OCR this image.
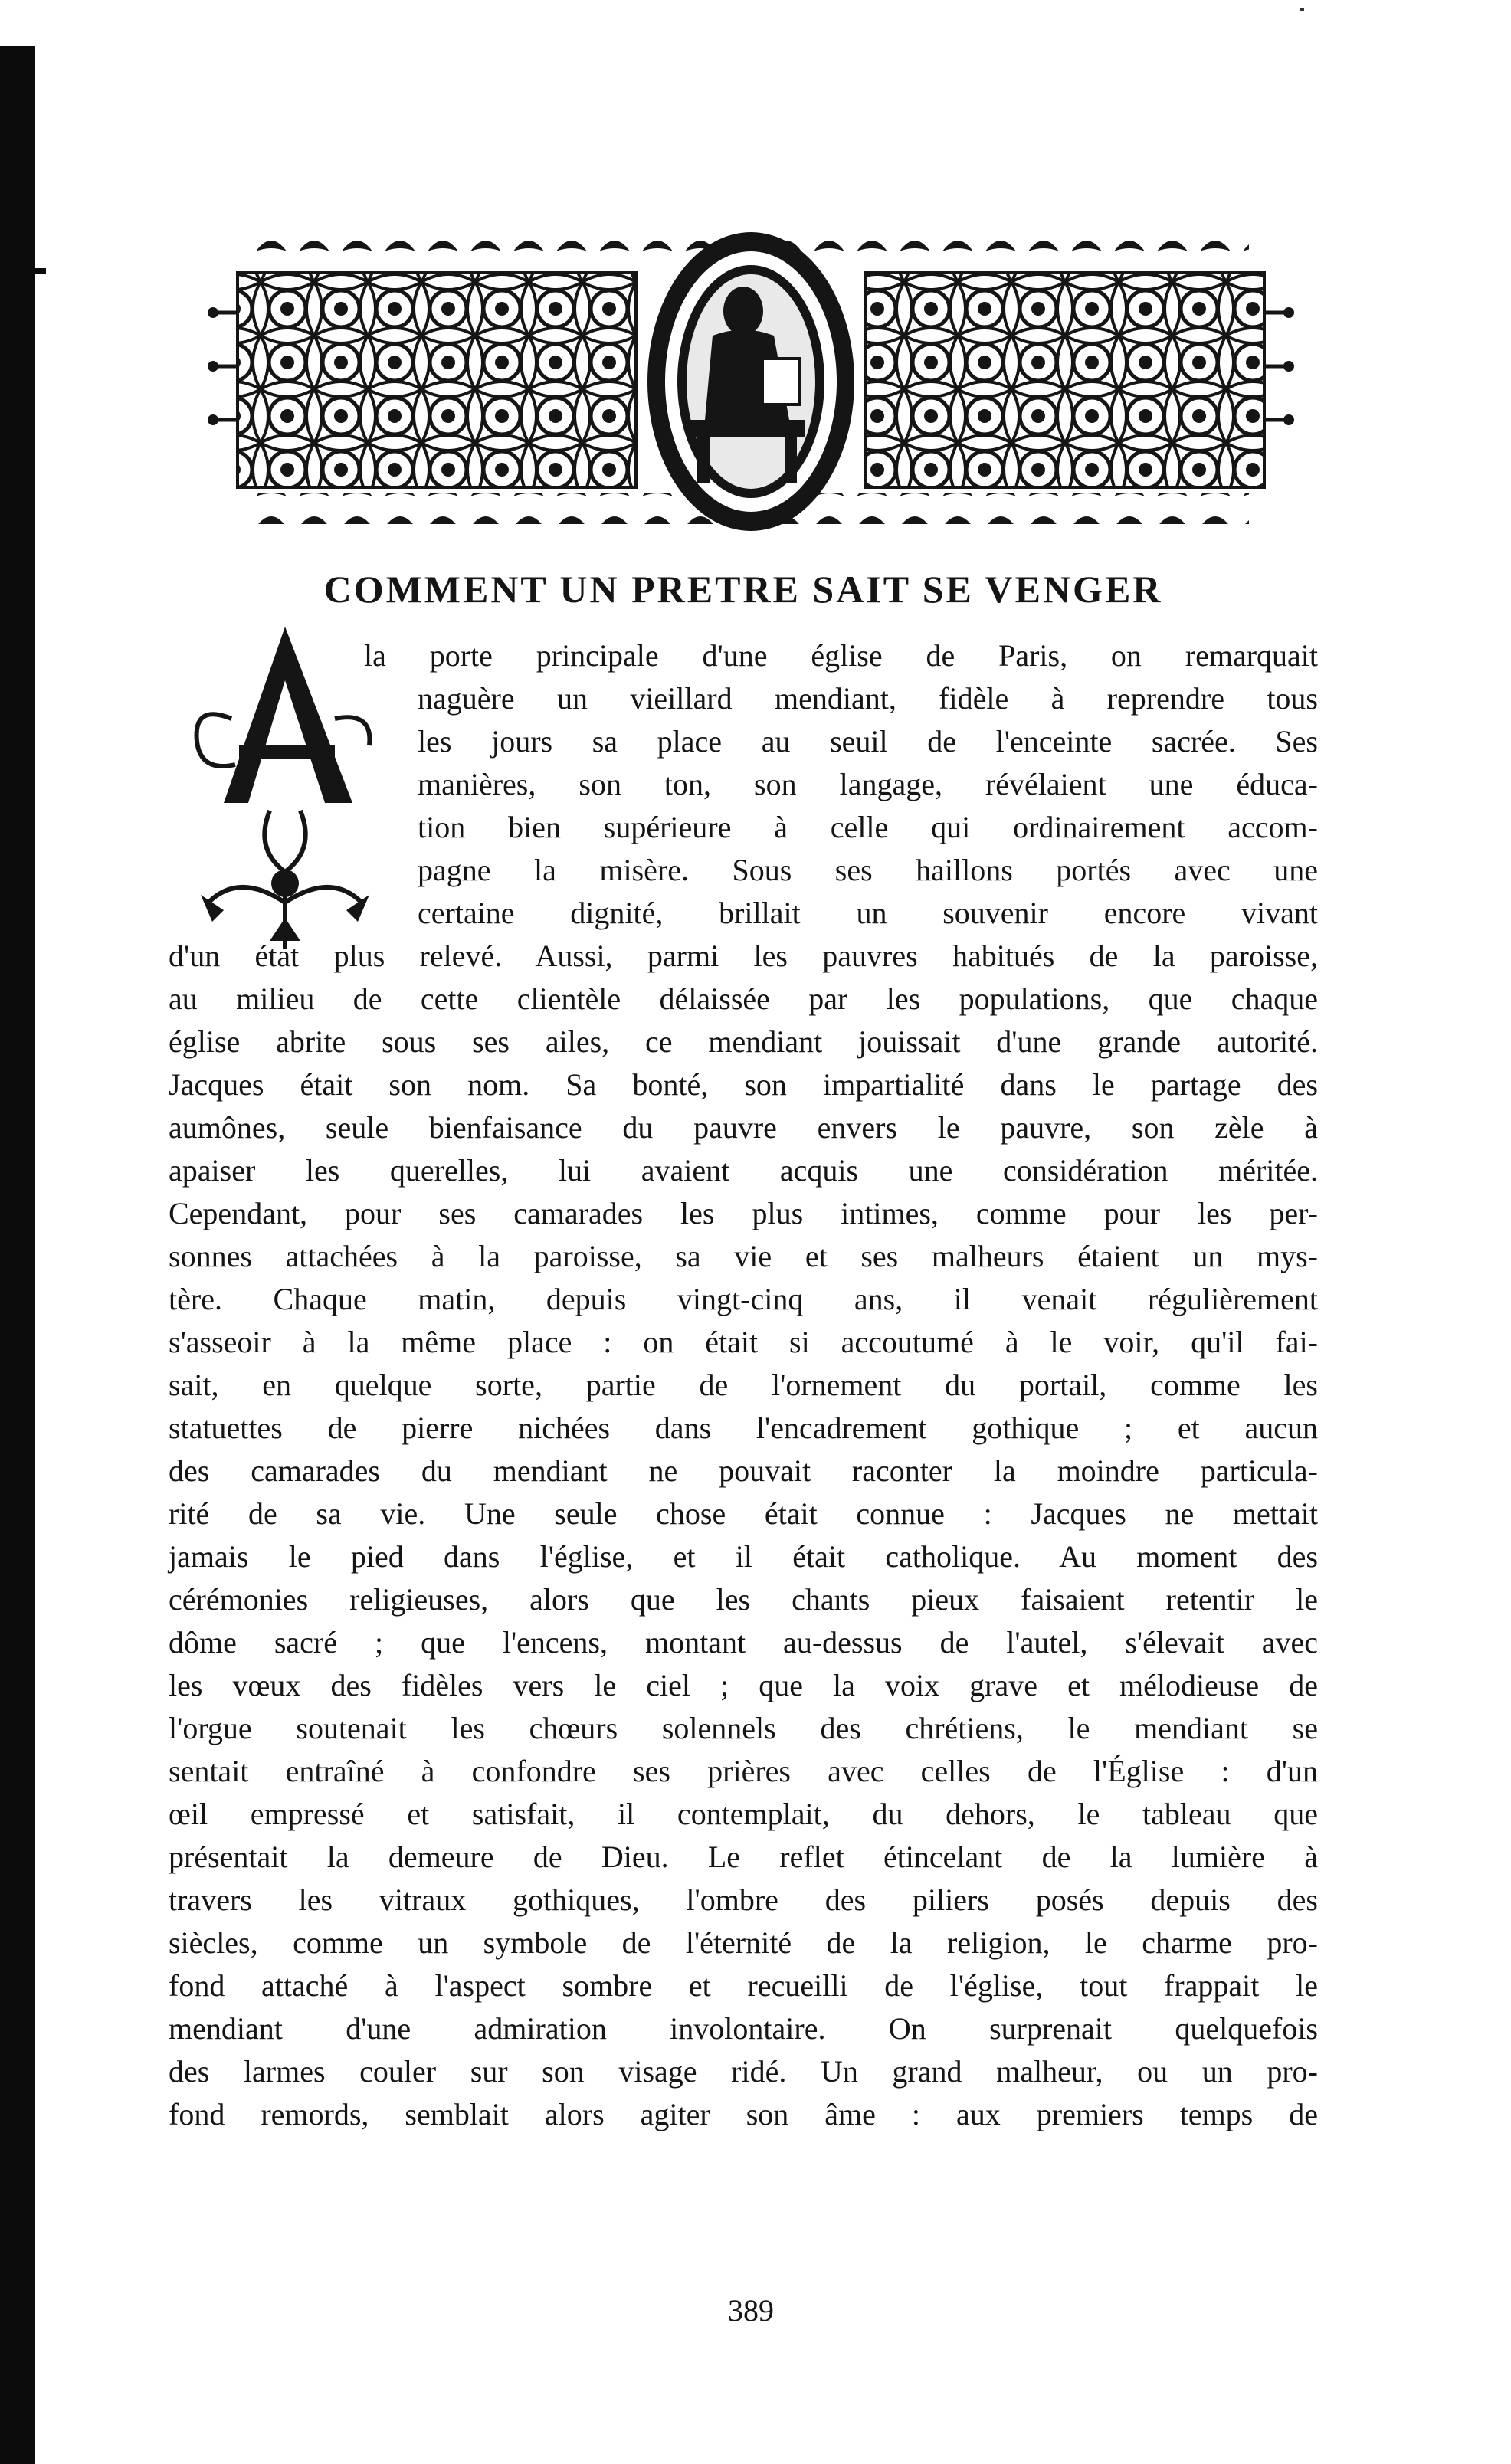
COMMENT UN PRETRE SAIT SE VENGER
la porte principale d'une église de Paris, on remarquait
naguère un vieillard mendiant, fidèle à reprendre tous
les jours sa place au seuil de l'enceinte sacrée. Ses
manières, son ton, son langage, révélaient une éduca-
tion bien supérieure à celle qui ordinairement accom-
pagne la misère. Sous ses haillons portés avec une
certaine dignité, brillait un souvenir encore vivant
d'un état plus relevé. Aussi, parmi les pauvres habitués de la paroisse,
au milieu de cette clientèle délaissée par les populations, que chaque
église abrite sous ses ailes, ce mendiant jouissait d'une grande autorité.
Jacques était son nom. Sa bonté, son impartialité dans le partage des
aumônes, seule bienfaisance du pauvre envers le pauvre, son zèle à
apaiser les querelles, lui avaient acquis une considération méritée.
Cependant, pour ses camarades les plus intimes, comme pour les per-
sonnes attachées à la paroisse, sa vie et ses malheurs étaient un mys-
tère. Chaque matin, depuis vingt-cinq ans, il venait régulièrement
s'asseoir à la même place : on était si accoutumé à le voir, qu'il fai-
sait, en quelque sorte, partie de l'ornement du portail, comme les
statuettes de pierre nichées dans l'encadrement gothique ; et aucun
des camarades du mendiant ne pouvait raconter la moindre particula-
rité de sa vie. Une seule chose était connue : Jacques ne mettait
jamais le pied dans l'église, et il était catholique. Au moment des
cérémonies religieuses, alors que les chants pieux faisaient retentir le
dôme sacré ; que l'encens, montant au-dessus de l'autel, s'élevait avec
les vœux des fidèles vers le ciel ; que la voix grave et mélodieuse de
l'orgue soutenait les chœurs solennels des chrétiens, le mendiant se
sentait entraîné à confondre ses prières avec celles de l'Église : d'un
œil empressé et satisfait, il contemplait, du dehors, le tableau que
présentait la demeure de Dieu. Le reflet étincelant de la lumière à
travers les vitraux gothiques, l'ombre des piliers posés depuis des
siècles, comme un symbole de l'éternité de la religion, le charme pro-
fond attaché à l'aspect sombre et recueilli de l'église, tout frappait le
mendiant d'une admiration involontaire. On surprenait quelquefois
des larmes couler sur son visage ridé. Un grand malheur, ou un pro-
fond remords, semblait alors agiter son âme : aux premiers temps de
389
